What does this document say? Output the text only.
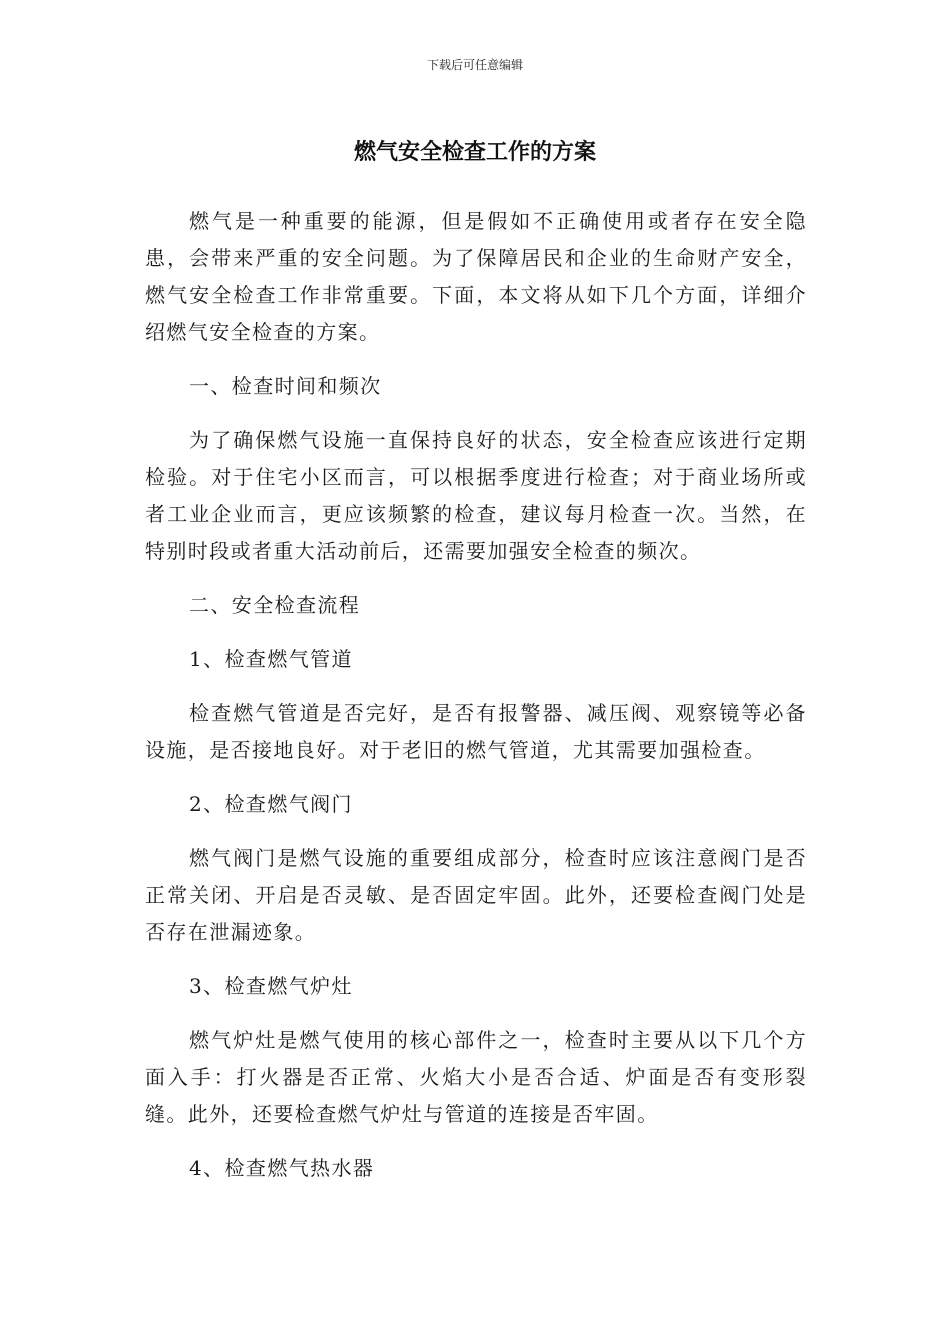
下载后可任意编辑
燃气安全检查工作的方案

燃气是一种重要的能源，但是假如不正确使用或者存在安全隐患，会带来严重的安全问题。为了保障居民和企业的生命财产安全，燃气安全检查工作非常重要。下面，本文将从如下几个方面，详细介绍燃气安全检查的方案。

一、检查时间和频次

为了确保燃气设施一直保持良好的状态，安全检查应该进行定期检验。对于住宅小区而言，可以根据季度进行检查；对于商业场所或者工业企业而言，更应该频繁的检查，建议每月检查一次。当然，在特别时段或者重大活动前后，还需要加强安全检查的频次。

二、安全检查流程

1、检查燃气管道

检查燃气管道是否完好，是否有报警器、减压阀、观察镜等必备设施，是否接地良好。对于老旧的燃气管道，尤其需要加强检查。

2、检查燃气阀门

燃气阀门是燃气设施的重要组成部分，检查时应该注意阀门是否正常关闭、开启是否灵敏、是否固定牢固。此外，还要检查阀门处是否存在泄漏迹象。

3、检查燃气炉灶

燃气炉灶是燃气使用的核心部件之一，检查时主要从以下几个方面入手：打火器是否正常、火焰大小是否合适、炉面是否有变形裂缝。此外，还要检查燃气炉灶与管道的连接是否牢固。

4、检查燃气热水器
